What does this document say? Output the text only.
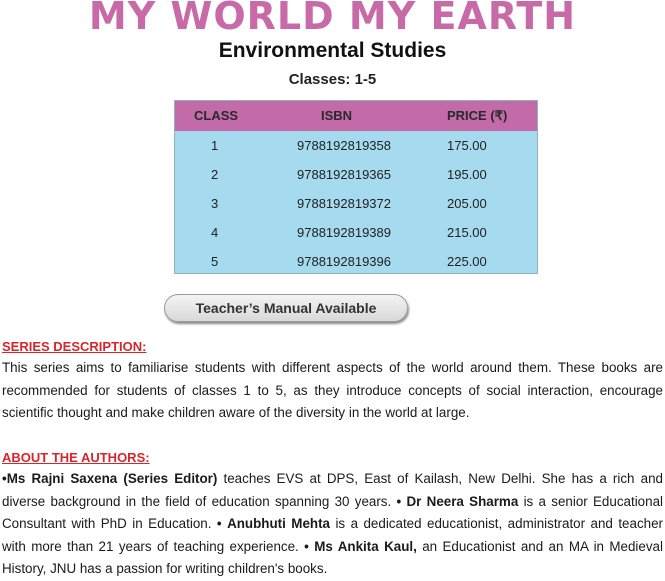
MY WORLD MY EARTH
Environmental Studies
Classes: 1-5
CLASS	ISBN	PRICE (₹)
1	9788192819358	175.00
2	9788192819365	195.00
3	9788192819372	205.00
4	9788192819389	215.00
5	9788192819396	225.00
Teacher’s Manual Available
SERIES DESCRIPTION:
This series aims to familiarise students with different aspects of the world around them. These books are recommended for students of classes 1 to 5, as they introduce concepts of social interaction, encourage scientific thought and make children aware of the diversity in the world at large.
ABOUT THE AUTHORS:
•Ms Rajni Saxena (Series Editor) teaches EVS at DPS, East of Kailash, New Delhi. She has a rich and diverse background in the field of education spanning 30 years. • Dr Neera Sharma is a senior Educational Consultant with PhD in Education. • Anubhuti Mehta is a dedicated educationist, administrator and teacher with more than 21 years of teaching experience. • Ms Ankita Kaul, an Educationist and an MA in Medieval History, JNU has a passion for writing children's books.
